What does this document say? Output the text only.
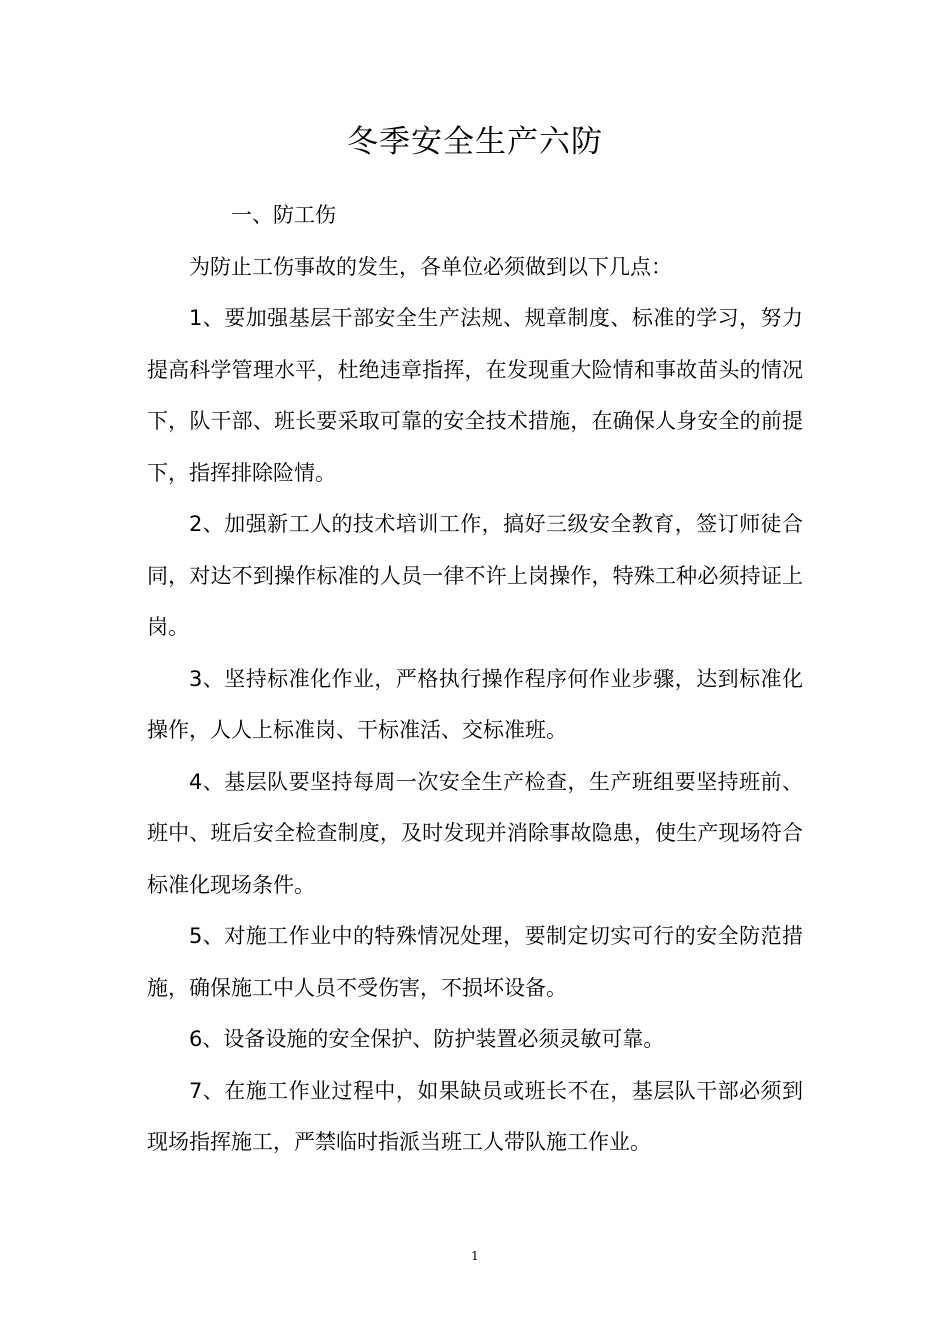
冬季安全生产六防

一、防工伤

为防止工伤事故的发生，各单位必须做到以下几点：

1、要加强基层干部安全生产法规、规章制度、标准的学习，努力提高科学管理水平，杜绝违章指挥，在发现重大险情和事故苗头的情况下，队干部、班长要采取可靠的安全技术措施，在确保人身安全的前提下，指挥排除险情。

2、加强新工人的技术培训工作，搞好三级安全教育，签订师徒合同，对达不到操作标准的人员一律不许上岗操作，特殊工种必须持证上岗。

3、坚持标准化作业，严格执行操作程序何作业步骤，达到标准化操作，人人上标准岗、干标准活、交标准班。

4、基层队要坚持每周一次安全生产检查，生产班组要坚持班前、班中、班后安全检查制度，及时发现并消除事故隐患，使生产现场符合标准化现场条件。

5、对施工作业中的特殊情况处理，要制定切实可行的安全防范措施，确保施工中人员不受伤害，不损坏设备。

6、设备设施的安全保护、防护装置必须灵敏可靠。

7、在施工作业过程中，如果缺员或班长不在，基层队干部必须到现场指挥施工，严禁临时指派当班工人带队施工作业。

1
